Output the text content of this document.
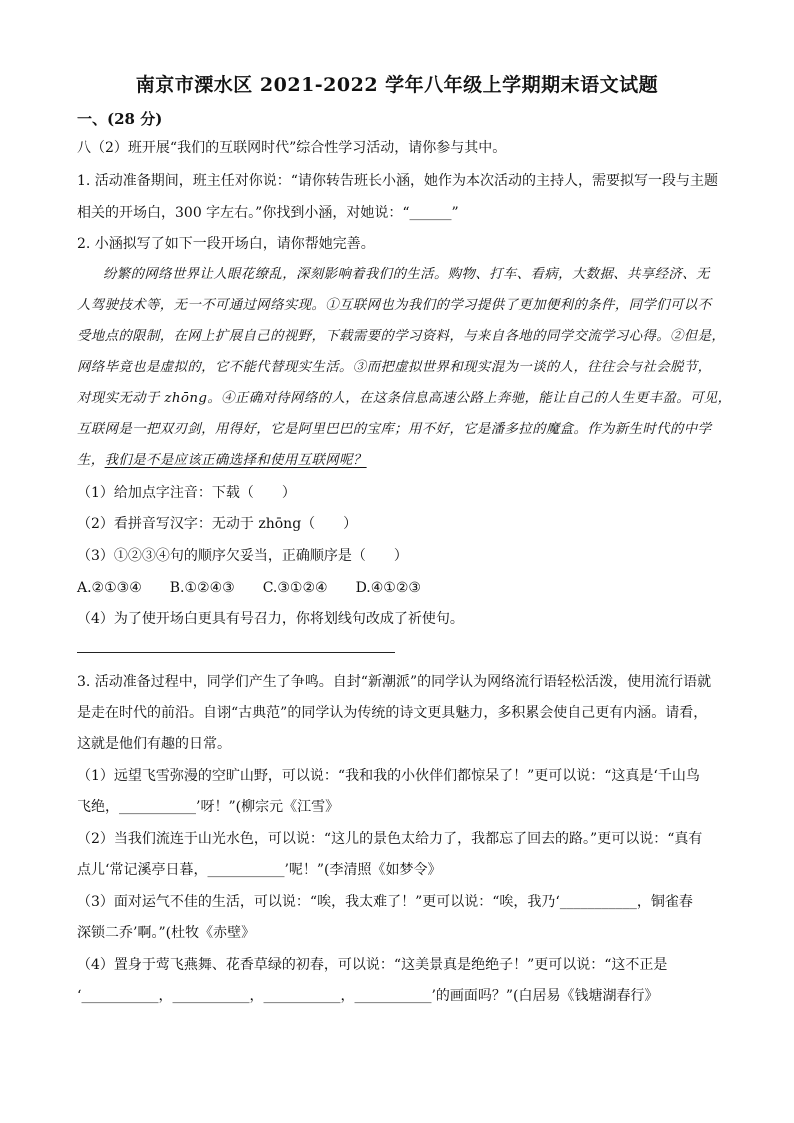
南京市溧水区 2021-2022 学年八年级上学期期末语文试题
一、(28 分)
八（2）班开展“我们的互联网时代”综合性学习活动，请你参与其中。
1. 活动准备期间，班主任对你说：“请你转告班长小涵，她作为本次活动的主持人，需要拟写一段与主题
相关的开场白，300 字左右。”你找到小涵，对她说：“______”
2. 小涵拟写了如下一段开场白，请你帮她完善。
纷繁的网络世界让人眼花缭乱，深刻影响着我们的生活。购物、打车、看病，大数据、共享经济、无
人驾驶技术等，无一不可通过网络实现。①互联网也为我们的学习提供了更加便利的条件，同学们可以不
受地点的限制，在网上扩展自己的视野，下载需要的学习资料，与来自各地的同学交流学习心得。②但是，
网络毕竟也是虚拟的，它不能代替现实生活。③而把虚拟世界和现实混为一谈的人，往往会与社会脱节，
对现实无动于 zhōng。④正确对待网络的人，在这条信息高速公路上奔驰，能让自己的人生更丰盈。可见，
互联网是一把双刃剑，用得好，它是阿里巴巴的宝库；用不好，它是潘多拉的魔盒。作为新生时代的中学
生，我们是不是应该正确选择和使用互联网呢？
（1）给加点字注音：下载（　　）
（2）看拼音写汉字：无动于 zhōng（　　）
（3）①②③④句的顺序欠妥当，正确顺序是（　　）
A.②①③④　　B.①②④③　　C.③①②④　　D.④①②③
（4）为了使开场白更具有号召力，你将划线句改成了祈使句。
3. 活动准备过程中，同学们产生了争鸣。自封“新潮派”的同学认为网络流行语轻松活泼，使用流行语就
是走在时代的前沿。自诩“古典范”的同学认为传统的诗文更具魅力，多积累会使自己更有内涵。请看，
这就是他们有趣的日常。
（1）远望飞雪弥漫的空旷山野，可以说：“我和我的小伙伴们都惊呆了！”更可以说：“这真是‘千山鸟
飞绝，___________’呀！”(柳宗元《江雪》
（2）当我们流连于山光水色，可以说：“这儿的景色太给力了，我都忘了回去的路。”更可以说：“真有
点儿‘常记溪亭日暮，___________’呢！”(李清照《如梦令》
（3）面对运气不佳的生活，可以说：“唉，我太难了！”更可以说：“唉，我乃‘___________，铜雀春
深锁二乔’啊。”(杜牧《赤壁》
（4）置身于莺飞燕舞、花香草绿的初春，可以说：“这美景真是绝绝子！”更可以说：“这不正是
‘___________，___________，___________，___________’的画面吗？”(白居易《钱塘湖春行》
